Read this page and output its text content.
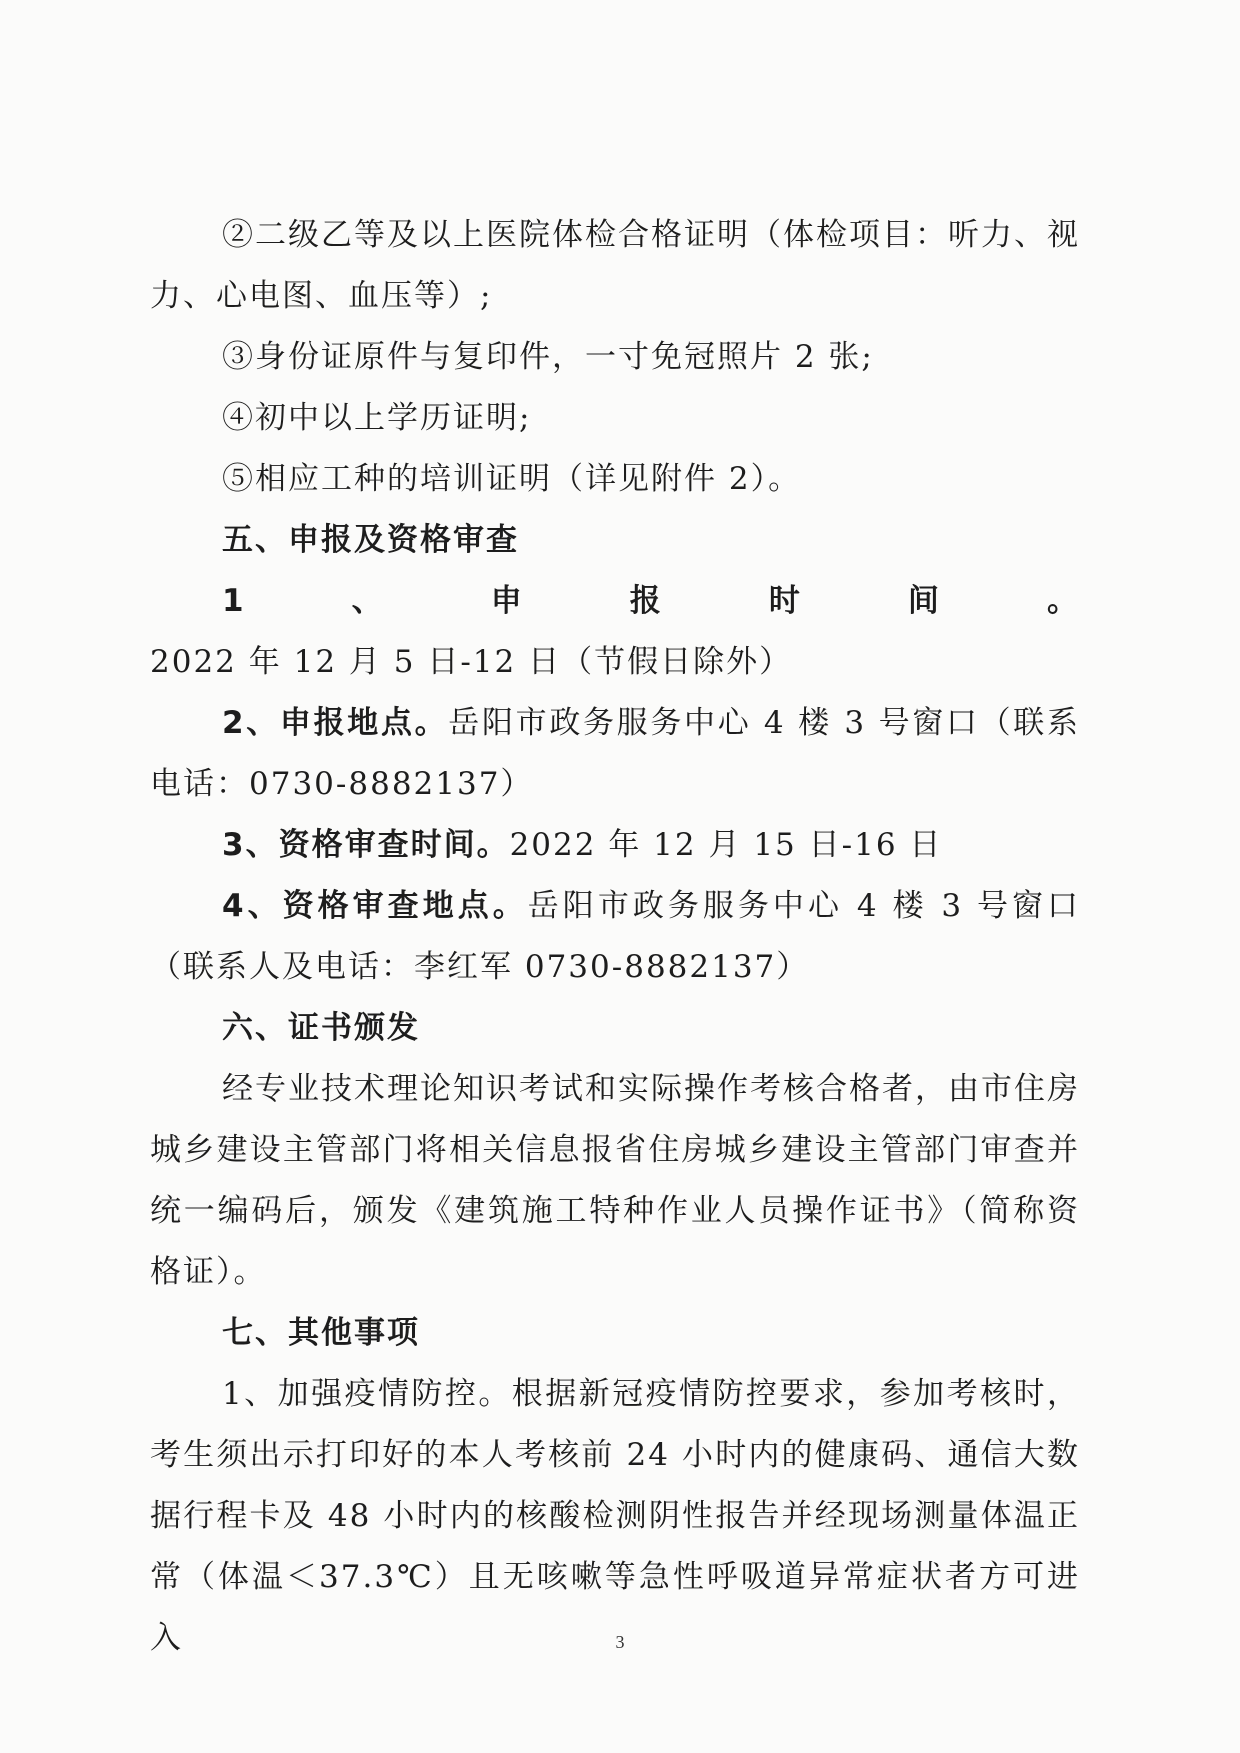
②二级乙等及以上医院体检合格证明（体检项目：听力、视力、心电图、血压等）;

③身份证原件与复印件，一寸免冠照片 2 张;

④初中以上学历证明;

⑤相应工种的培训证明（详见附件 2）。

五、申报及资格审查

1、申报时间。2022 年 12 月 5 日-12 日（节假日除外）

2、申报地点。岳阳市政务服务中心 4 楼 3 号窗口（联系电话：0730-8882137）

3、资格审查时间。2022 年 12 月 15 日-16 日

4、资格审查地点。岳阳市政务服务中心 4 楼 3 号窗口（联系人及电话：李红军 0730-8882137）

六、证书颁发

经专业技术理论知识考试和实际操作考核合格者，由市住房城乡建设主管部门将相关信息报省住房城乡建设主管部门审查并统一编码后，颁发《建筑施工特种作业人员操作证书》（简称资格证）。

七、其他事项

1、加强疫情防控。根据新冠疫情防控要求，参加考核时，考生须出示打印好的本人考核前 24 小时内的健康码、通信大数据行程卡及 48 小时内的核酸检测阴性报告并经现场测量体温正常（体温＜37.3℃）且无咳嗽等急性呼吸道异常症状者方可进入	3
